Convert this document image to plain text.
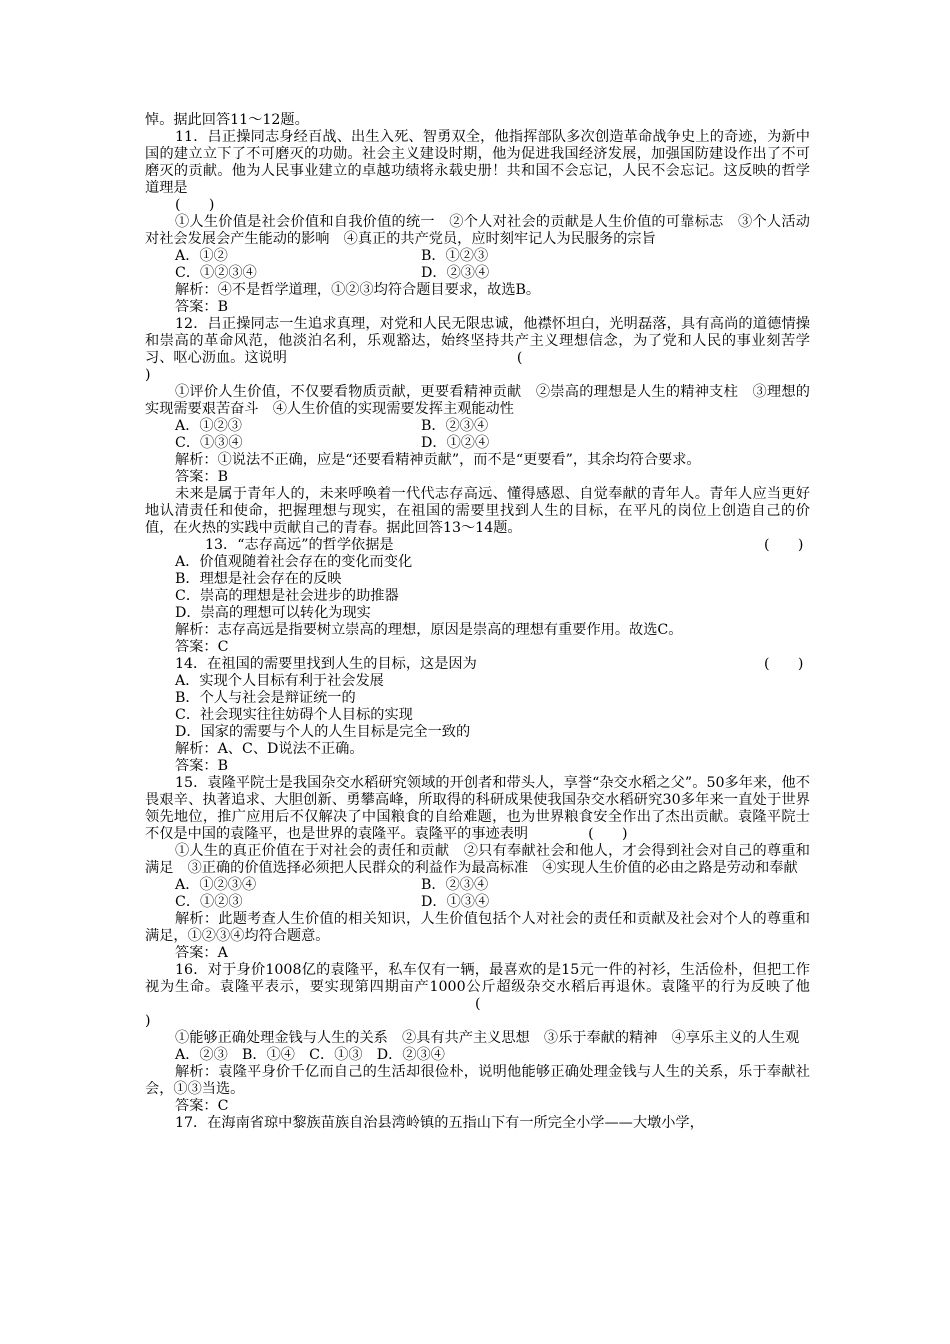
悼。据此回答11～12题。

11．吕正操同志身经百战、出生入死、智勇双全，他指挥部队多次创造革命战争史上的奇迹，为新中国的建立立下了不可磨灭的功勋。社会主义建设时期，他为促进我国经济发展，加强国防建设作出了不可磨灭的贡献。他为人民事业建立的卓越功绩将永载史册！共和国不会忘记，人民不会忘记。这反映的哲学道理是

(　　)

①人生价值是社会价值和自我价值的统一　②个人对社会的贡献是人生价值的可靠标志　③个人活动对社会发展会产生能动的影响　④真正的共产党员，应时刻牢记人为民服务的宗旨

A．①②	B．①②③
C．①②③④	D．②③④

解析：④不是哲学道理，①②③均符合题目要求，故选B。

答案：B

12．吕正操同志一生追求真理，对党和人民无限忠诚，他襟怀坦白，光明磊落，具有高尚的道德情操和崇高的革命风范，他淡泊名利，乐观豁达，始终坚持共产主义理想信念，为了党和人民的事业刻苦学习、呕心沥血。这说明	(

)

①评价人生价值，不仅要看物质贡献，更要看精神贡献　②崇高的理想是人生的精神支柱　③理想的实现需要艰苦奋斗　④人生价值的实现需要发挥主观能动性

A．①②③	B．②③④
C．①③④	D．①②④

解析：①说法不正确，应是“还要看精神贡献”，而不是“更要看”，其余均符合要求。

答案：B

未来是属于青年人的，未来呼唤着一代代志存高远、懂得感恩、自觉奉献的青年人。青年人应当更好地认清责任和使命，把握理想与现实，在祖国的需要里找到人生的目标，在平凡的岗位上创造自己的价值，在火热的实践中贡献自己的青春。据此回答13～14题。

13．“志存高远”的哲学依据是	(　　)

A．价值观随着社会存在的变化而变化

B．理想是社会存在的反映

C．崇高的理想是社会进步的助推器

D．崇高的理想可以转化为现实

解析：志存高远是指要树立崇高的理想，原因是崇高的理想有重要作用。故选C。

答案：C

14．在祖国的需要里找到人生的目标，这是因为	(　　)

A．实现个人目标有利于社会发展

B．个人与社会是辩证统一的

C．社会现实往往妨碍个人目标的实现

D．国家的需要与个人的人生目标是完全一致的

解析：A、C、D说法不正确。

答案：B

15．袁隆平院士是我国杂交水稻研究领域的开创者和带头人，享誉“杂交水稻之父”。50多年来，他不畏艰辛、执著追求、大胆创新、勇攀高峰，所取得的科研成果使我国杂交水稻研究30多年来一直处于世界领先地位，推广应用后不仅解决了中国粮食的自给难题，也为世界粮食安全作出了杰出贡献。袁隆平院士不仅是中国的袁隆平，也是世界的袁隆平。袁隆平的事迹表明	(　　)

①人生的真正价值在于对社会的责任和贡献　②只有奉献社会和他人，才会得到社会对自己的尊重和满足　③正确的价值选择必须把人民群众的利益作为最高标准　④实现人生价值的必由之路是劳动和奉献

A．①②③④	B．②③④
C．①②③	D．①③④

解析：此题考查人生价值的相关知识，人生价值包括个人对社会的责任和贡献及社会对个人的尊重和满足，①②③④均符合题意。

答案：A

16．对于身价1008亿的袁隆平，私车仅有一辆，最喜欢的是15元一件的衬衫，生活俭朴，但把工作视为生命。袁隆平表示，要实现第四期亩产1000公斤超级杂交水稻后再退休。袁隆平的行为反映了他(

)

①能够正确处理金钱与人生的关系　②具有共产主义思想　③乐于奉献的精神　④享乐主义的人生观

A．②③　B．①④　C．①③　D．②③④

解析：袁隆平身价千亿而自己的生活却很俭朴，说明他能够正确处理金钱与人生的关系，乐于奉献社会，①③当选。

答案：C

17．在海南省琼中黎族苗族自治县湾岭镇的五指山下有一所完全小学——大墩小学，
